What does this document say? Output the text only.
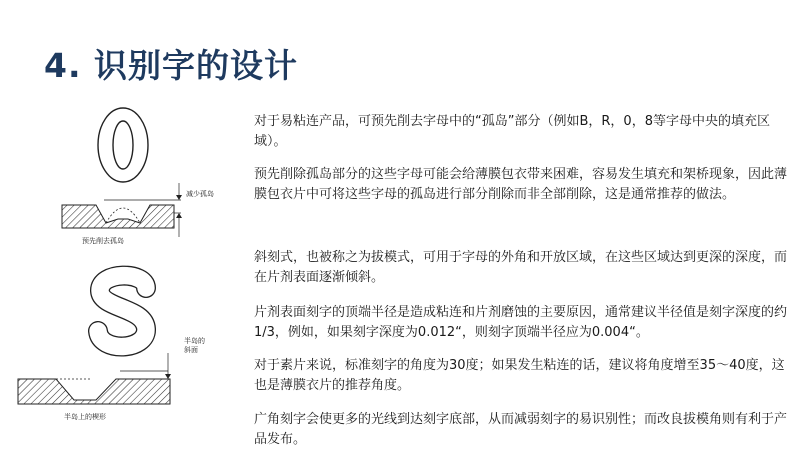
4. 识别字的设计
减少孤岛
预先削去孤岛
半岛的 斜面
半岛上的楔形

对于易粘连产品，可预先削去字母中的“孤岛”部分（例如B，R，0，8等字母中央的填充区域）。

预先削除孤岛部分的这些字母可能会给薄膜包衣带来困难，容易发生填充和架桥现象，因此薄膜包衣片中可将这些字母的孤岛进行部分削除而非全部削除，这是通常推荐的做法。

斜刻式，也被称之为拔模式，可用于字母的外角和开放区域，在这些区域达到更深的深度，而在片剂表面逐渐倾斜。

片剂表面刻字的顶端半径是造成粘连和片剂磨蚀的主要原因，通常建议半径值是刻字深度的约1/3，例如，如果刻字深度为0.012“，则刻字顶端半径应为0.004“。

对于素片来说，标准刻字的角度为30度；如果发生粘连的话，建议将角度增至35～40度，这也是薄膜衣片的推荐角度。

广角刻字会使更多的光线到达刻字底部，从而减弱刻字的易识别性；而改良拔模角则有利于产品发布。
